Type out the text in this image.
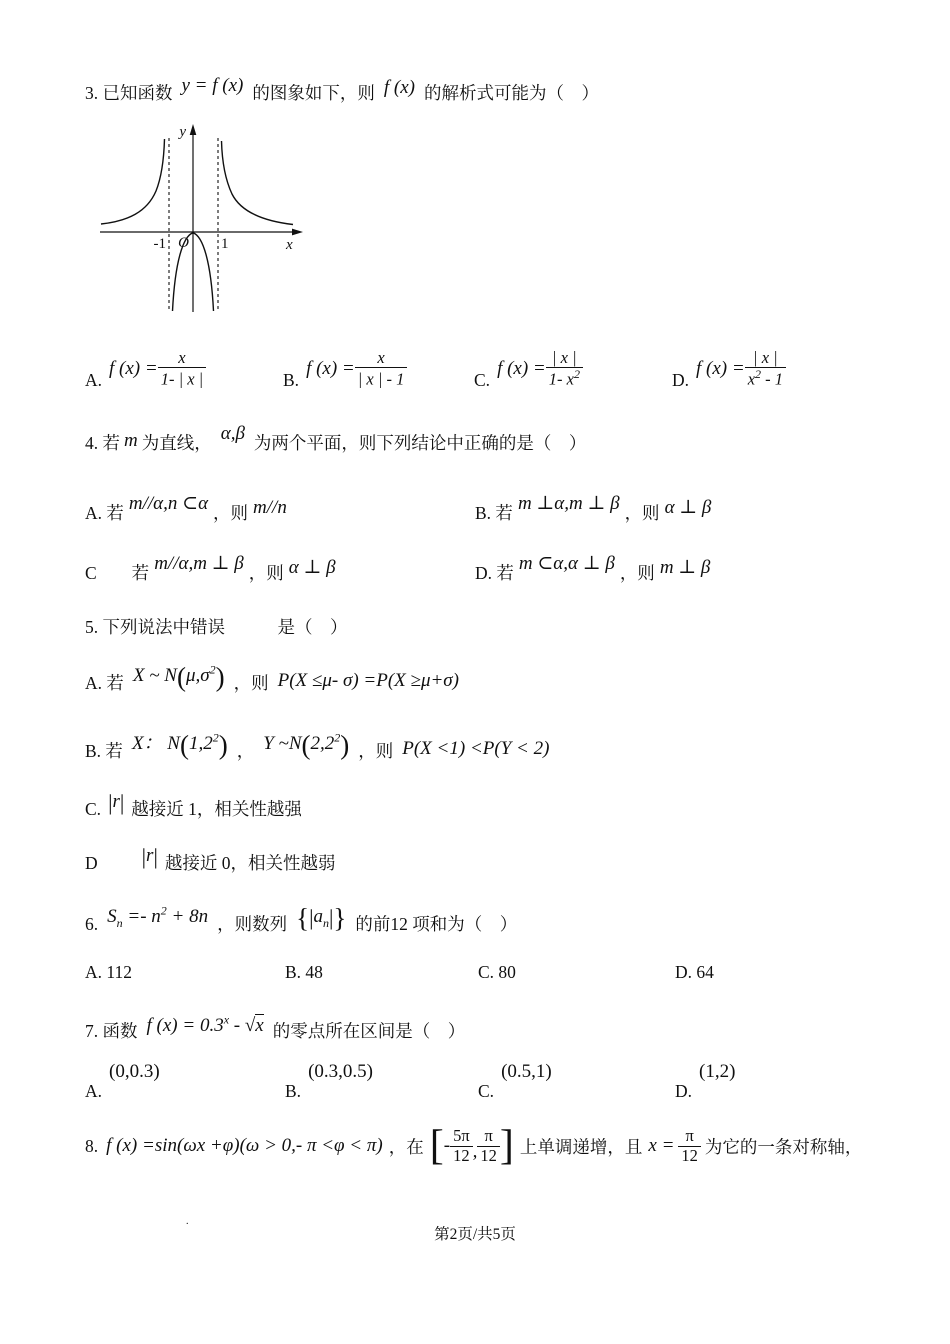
3. 已知函数 y = f (x) 的图象如下，则 f (x) 的解析式可能为（　）
y
x
O
-1	1
A.
f $(x) = \frac{x}{1- | x |}$	B.
f $(x) = \frac{x}{| x | - 1}$	C.
f $(x) = \frac{| x |}{1- x^2}$	D.
f $(x) = \frac{| x |}{x^2 - 1}$
4. 若 m 为直线， α,β 为两个平面，则下列结论中正确的是（　）
A. 若 m//α,n ⊂α ，则 m//n	B. 若 m ⊥α,m ⊥ β ，则 α ⊥ β
C　　若 m//α,m ⊥ β ，则 α ⊥ β	D. 若 m ⊂α,α ⊥ β ，则 m ⊥ β
5. 下列说法中错误　　　是（　）
A. 若 X ~ $N(\mu,\sigma^2)$ ，则 P(X ≤μ- σ) =P(X ≥μ+σ)
B. 若 X： $N(1,2^2)$ ， Y $\sim N(2,2^2)$ ，则 P(X <1) <P(Y < 2)
C. |r| 越接近 1，相关性越强
D |r| 越接近 0，相关性越弱
6. $S_n =- n^2 + 8n$ ，则数列 $\{|a_n|\}$ 的前12 项和为（　）
A. 112	B. 48	C. 80	D. 64
7. 函数 f $(x) = 0.3^x - √x$ 的零点所在区间是（　）
A.
(0,0.3)
B.
(0.3,0.5)
C.
(0.5,1)
D.
(1,2)
8. f (x) =sin(ωx +φ)(ω > 0,- π <φ < π) ，在 [ - $\frac{5\pi}{12}$ , $\frac{\pi}{12}$ ] 上单调递增，且 $x = \frac{\pi}{12}$ 为它的一条对称轴，
.
第2页/共5页
